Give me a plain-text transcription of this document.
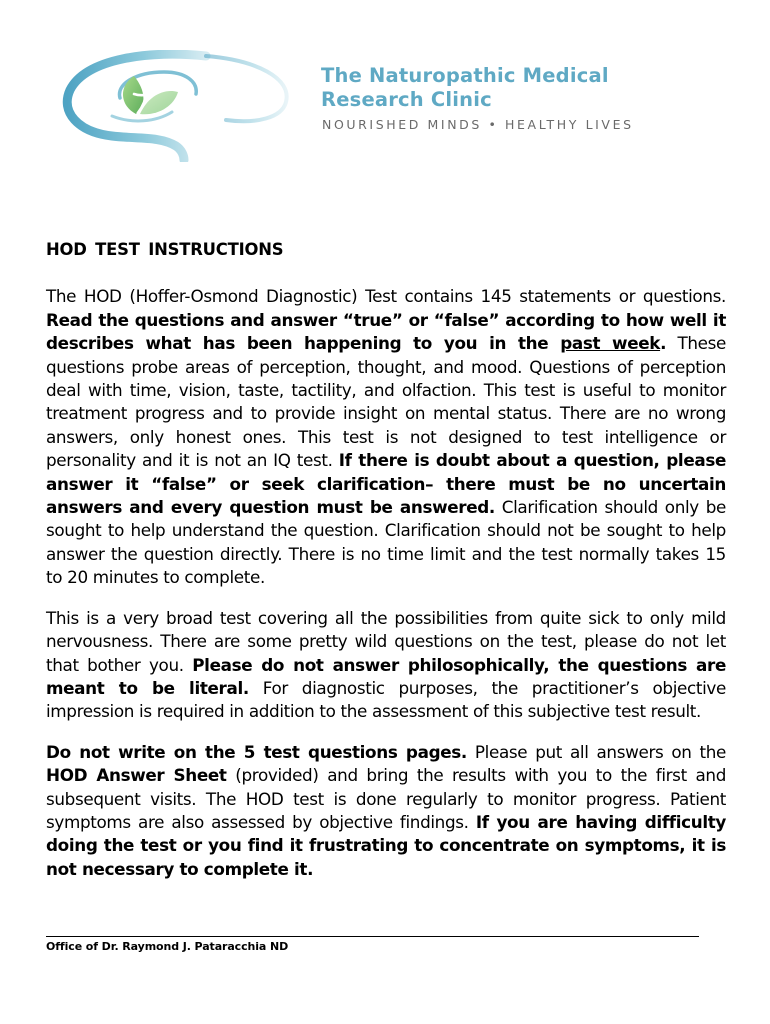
The Naturopathic Medical
Research Clinic
NOURISHED MINDS • HEALTHY LIVES
HOD TEST INSTRUCTIONS

The HOD (Hoffer-Osmond Diagnostic) Test contains 145 statements or questions. Read the questions and answer “true” or “false” according to how well it describes what has been happening to you in the past week. These questions probe areas of perception, thought, and mood. Questions of perception deal with time, vision, taste, tactility, and olfaction. This test is useful to monitor treatment progress and to provide insight on mental status. There are no wrong answers, only honest ones. This test is not designed to test intelligence or personality and it is not an IQ test. If there is doubt about a question, please answer it “false” or seek clarification– there must be no uncertain answers and every question must be answered. Clarification should only be sought to help understand the question. Clarification should not be sought to help answer the question directly. There is no time limit and the test normally takes 15 to 20 minutes to complete.

This is a very broad test covering all the possibilities from quite sick to only mild nervousness. There are some pretty wild questions on the test, please do not let that bother you. Please do not answer philosophically, the questions are meant to be literal. For diagnostic purposes, the practitioner’s objective impression is required in addition to the assessment of this subjective test result.

Do not write on the 5 test questions pages. Please put all answers on the HOD Answer Sheet (provided) and bring the results with you to the first and subsequent visits. The HOD test is done regularly to monitor progress. Patient symptoms are also assessed by objective findings. If you are having difficulty doing the test or you find it frustrating to concentrate on symptoms, it is not necessary to complete it.

Office of Dr. Raymond J. Pataracchia ND
